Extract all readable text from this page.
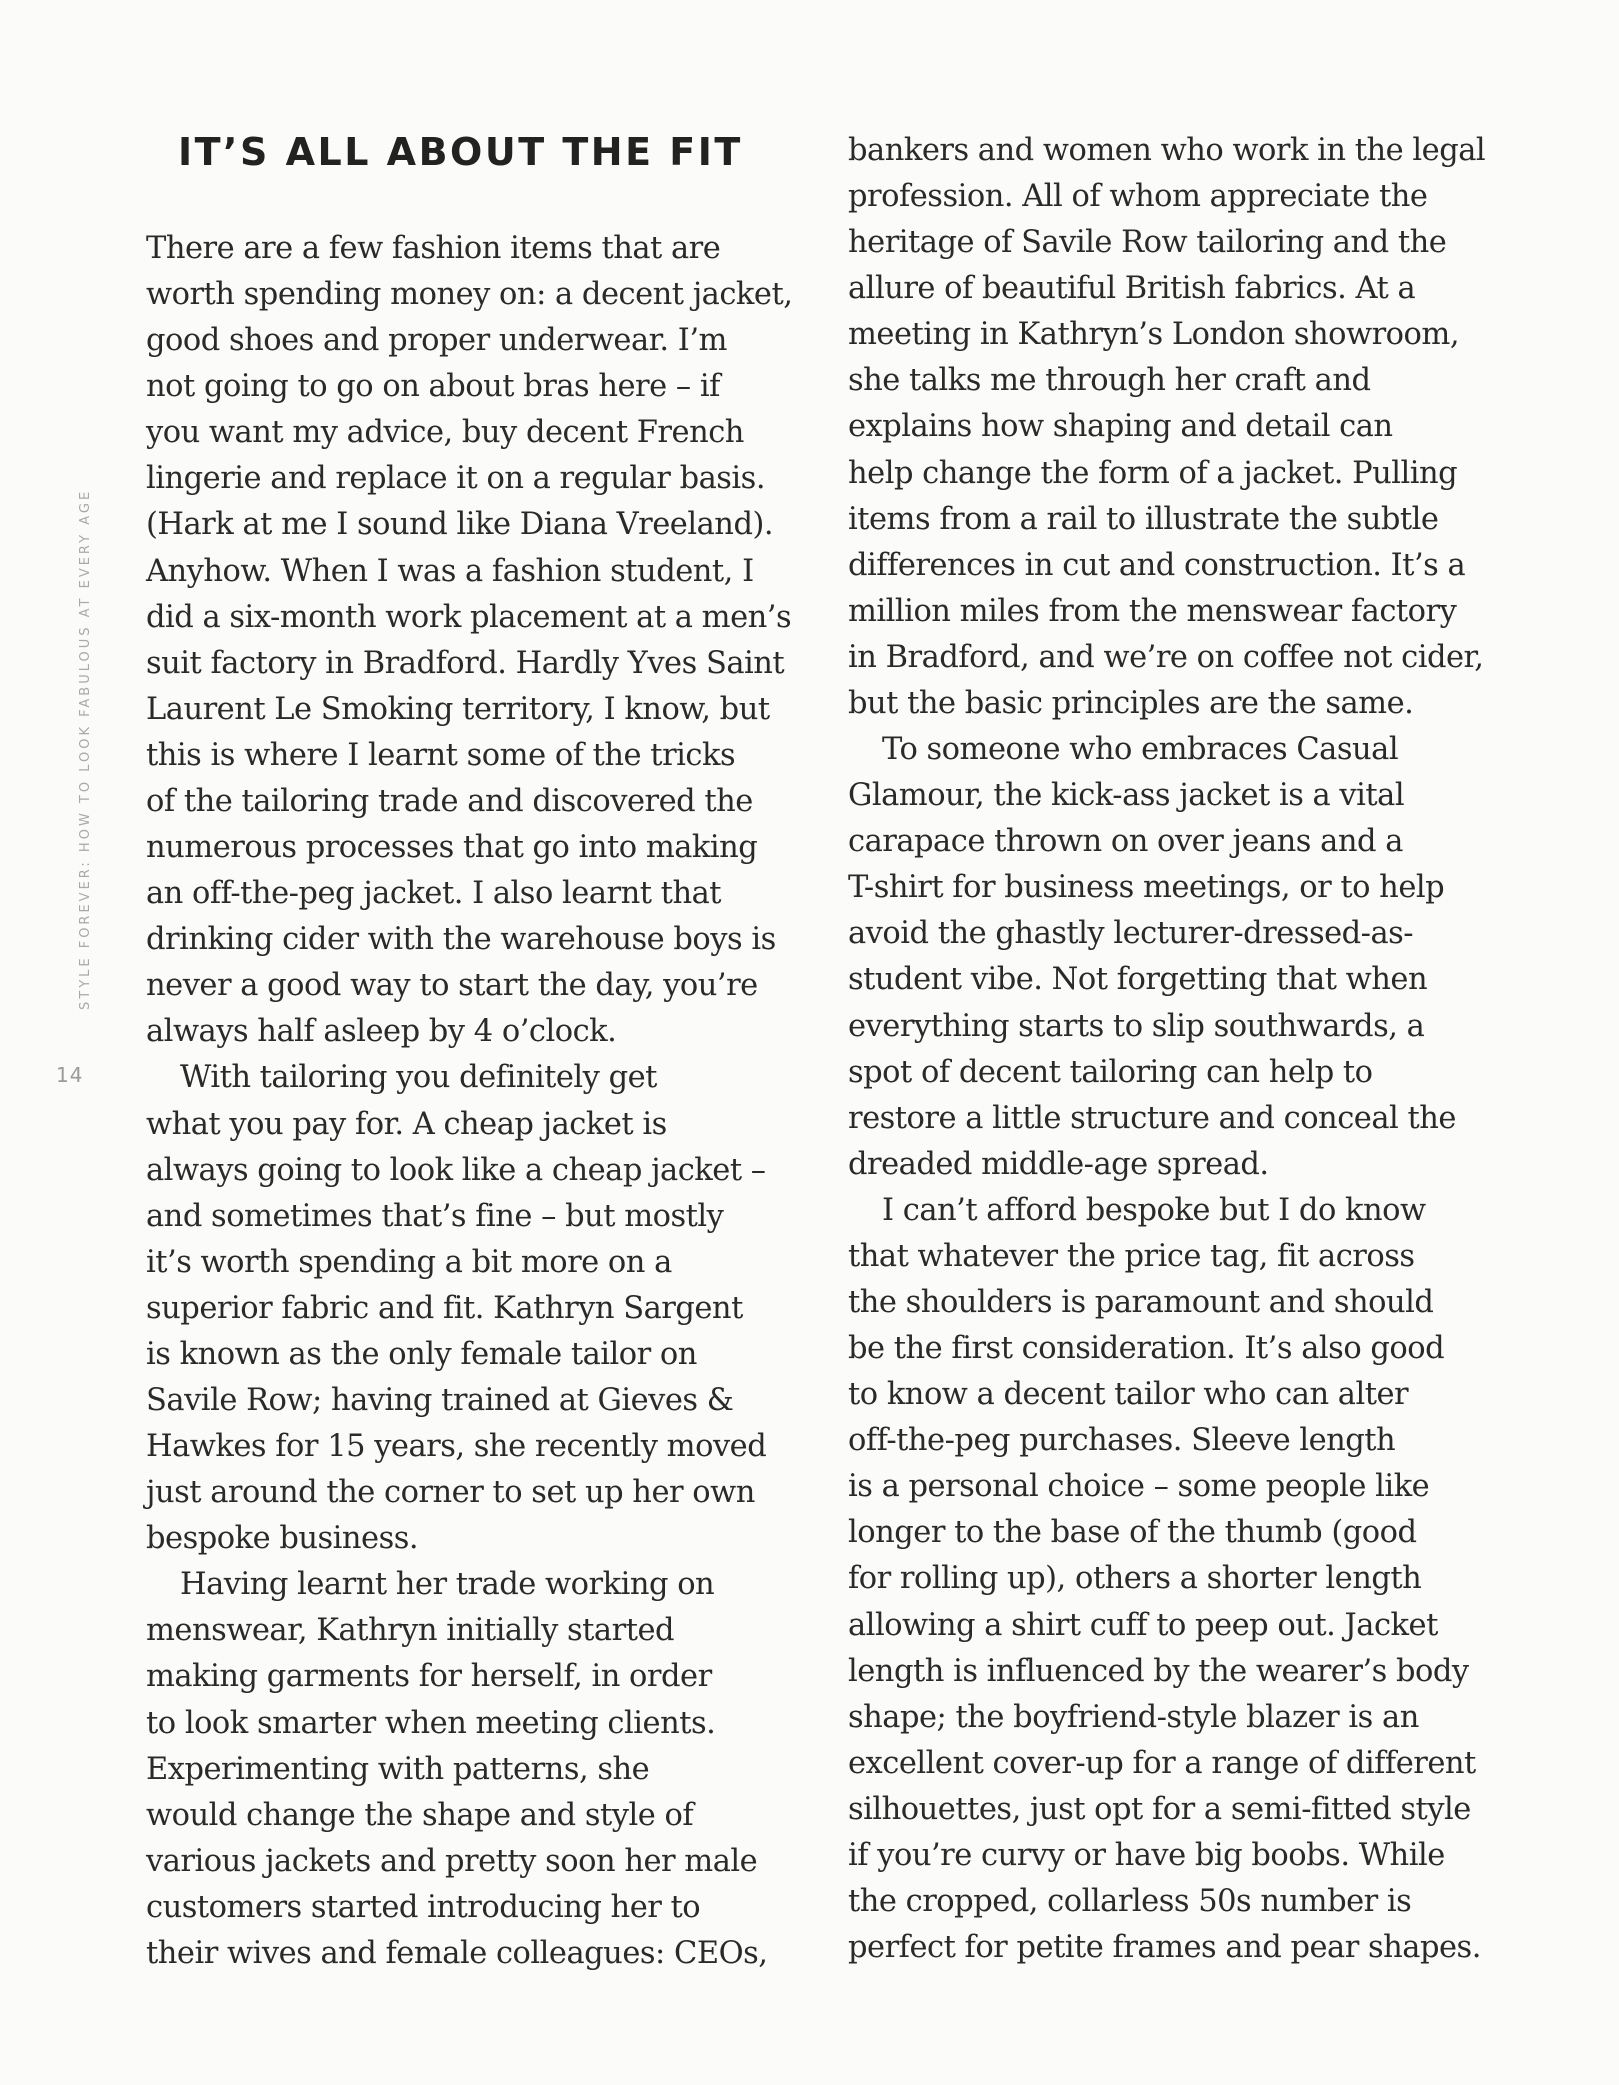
STYLE FOREVER: HOW TO LOOK FABULOUS AT EVERY AGE
14
IT’S ALL ABOUT THE FIT
There are a few fashion items that are
worth spending money on: a decent jacket,
good shoes and proper underwear. I’m
not going to go on about bras here – if
you want my advice, buy decent French
lingerie and replace it on a regular basis.
(Hark at me I sound like Diana Vreeland).
Anyhow. When I was a fashion student, I
did a six-month work placement at a men’s
suit factory in Bradford. Hardly Yves Saint
Laurent Le Smoking territory, I know, but
this is where I learnt some of the tricks
of the tailoring trade and discovered the
numerous processes that go into making
an off-the-peg jacket. I also learnt that
drinking cider with the warehouse boys is
never a good way to start the day, you’re
always half asleep by 4 o’clock.
With tailoring you definitely get
what you pay for. A cheap jacket is
always going to look like a cheap jacket –
and sometimes that’s fine – but mostly
it’s worth spending a bit more on a
superior fabric and fit. Kathryn Sargent
is known as the only female tailor on
Savile Row; having trained at Gieves &
Hawkes for 15 years, she recently moved
just around the corner to set up her own
bespoke business.
Having learnt her trade working on
menswear, Kathryn initially started
making garments for herself, in order
to look smarter when meeting clients.
Experimenting with patterns, she
would change the shape and style of
various jackets and pretty soon her male
customers started introducing her to
their wives and female colleagues: CEOs,
bankers and women who work in the legal
profession. All of whom appreciate the
heritage of Savile Row tailoring and the
allure of beautiful British fabrics. At a
meeting in Kathryn’s London showroom,
she talks me through her craft and
explains how shaping and detail can
help change the form of a jacket. Pulling
items from a rail to illustrate the subtle
differences in cut and construction. It’s a
million miles from the menswear factory
in Bradford, and we’re on coffee not cider,
but the basic principles are the same.
To someone who embraces Casual
Glamour, the kick-ass jacket is a vital
carapace thrown on over jeans and a
T-shirt for business meetings, or to help
avoid the ghastly lecturer-dressed-as-
student vibe. Not forgetting that when
everything starts to slip southwards, a
spot of decent tailoring can help to
restore a little structure and conceal the
dreaded middle-age spread.
I can’t afford bespoke but I do know
that whatever the price tag, fit across
the shoulders is paramount and should
be the first consideration. It’s also good
to know a decent tailor who can alter
off-the-peg purchases. Sleeve length
is a personal choice – some people like
longer to the base of the thumb (good
for rolling up), others a shorter length
allowing a shirt cuff to peep out. Jacket
length is influenced by the wearer’s body
shape; the boyfriend-style blazer is an
excellent cover-up for a range of different
silhouettes, just opt for a semi-fitted style
if you’re curvy or have big boobs. While
the cropped, collarless 50s number is
perfect for petite frames and pear shapes.
